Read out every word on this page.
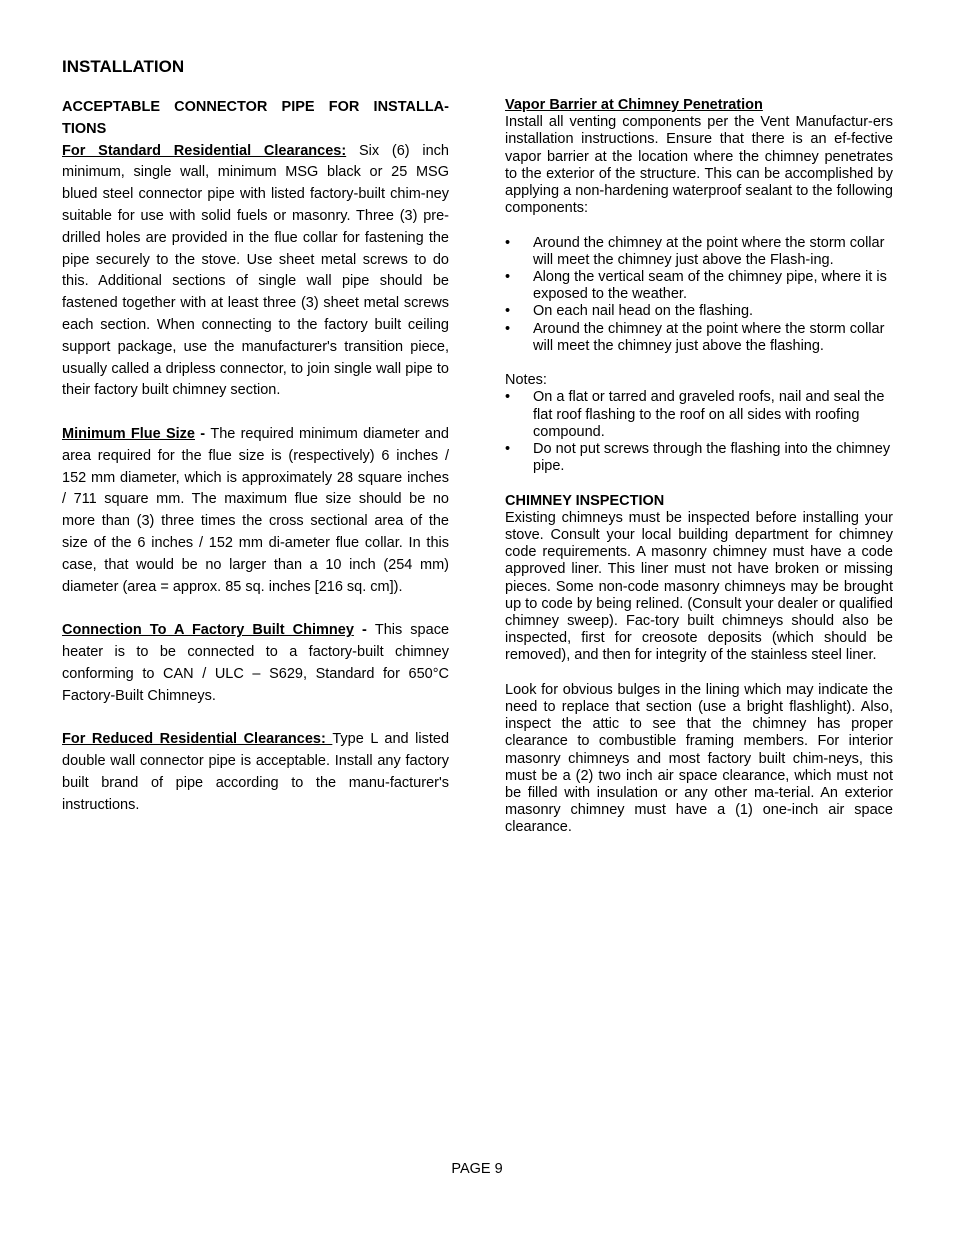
INSTALLATION

ACCEPTABLE CONNECTOR PIPE FOR INSTALLA-TIONS

For Standard Residential Clearances: Six (6) inch minimum, single wall, minimum MSG black or 25 MSG blued steel connector pipe with listed factory-built chim-ney suitable for use with solid fuels or masonry. Three (3) pre-drilled holes are provided in the flue collar for fastening the pipe securely to the stove. Use sheet metal screws to do this. Additional sections of single wall pipe should be fastened together with at least three (3) sheet metal screws each section. When connecting to the factory built ceiling support package, use the manufacturer's transition piece, usually called a dripless connector, to join single wall pipe to their factory built chimney section.

Minimum Flue Size - The required minimum diameter and area required for the flue size is (respectively) 6 inches / 152 mm diameter, which is approximately 28 square inches / 711 square mm. The maximum flue size should be no more than (3) three times the cross sectional area of the size of the 6 inches / 152 mm di-ameter flue collar. In this case, that would be no larger than a 10 inch (254 mm) diameter (area = approx. 85 sq. inches [216 sq. cm]).

Connection To A Factory Built Chimney - This space heater is to be connected to a factory-built chimney conforming to CAN / ULC – S629, Standard for 650°C Factory-Built Chimneys.

For Reduced Residential Clearances: Type L and listed double wall connector pipe is acceptable. Install any factory built brand of pipe according to the manu-facturer's instructions.

Vapor Barrier at Chimney Penetration

Install all venting components per the Vent Manufactur-ers installation instructions. Ensure that there is an ef-fective vapor barrier at the location where the chimney penetrates to the exterior of the structure. This can be accomplished by applying a non-hardening waterproof sealant to the following components:

• Around the chimney at the point where the storm collar will meet the chimney just above the Flash-ing.
• Along the vertical seam of the chimney pipe, where it is exposed to the weather.
• On each nail head on the flashing.
• Around the chimney at the point where the storm collar will meet the chimney just above the flashing.

Notes:

• On a flat or tarred and graveled roofs, nail and seal the flat roof flashing to the roof on all sides with roofing compound.
• Do not put screws through the flashing into the chimney pipe.

CHIMNEY INSPECTION

Existing chimneys must be inspected before installing your stove. Consult your local building department for chimney code requirements. A masonry chimney must have a code approved liner. This liner must not have broken or missing pieces. Some non-code masonry chimneys may be brought up to code by being relined. (Consult your dealer or qualified chimney sweep). Fac-tory built chimneys should also be inspected, first for creosote deposits (which should be removed), and then for integrity of the stainless steel liner.

Look for obvious bulges in the lining which may indicate the need to replace that section (use a bright flashlight). Also, inspect the attic to see that the chimney has proper clearance to combustible framing members. For interior masonry chimneys and most factory built chim-neys, this must be a (2) two inch air space clearance, which must not be filled with insulation or any other ma-terial. An exterior masonry chimney must have a (1) one-inch air space clearance.

PAGE 9
